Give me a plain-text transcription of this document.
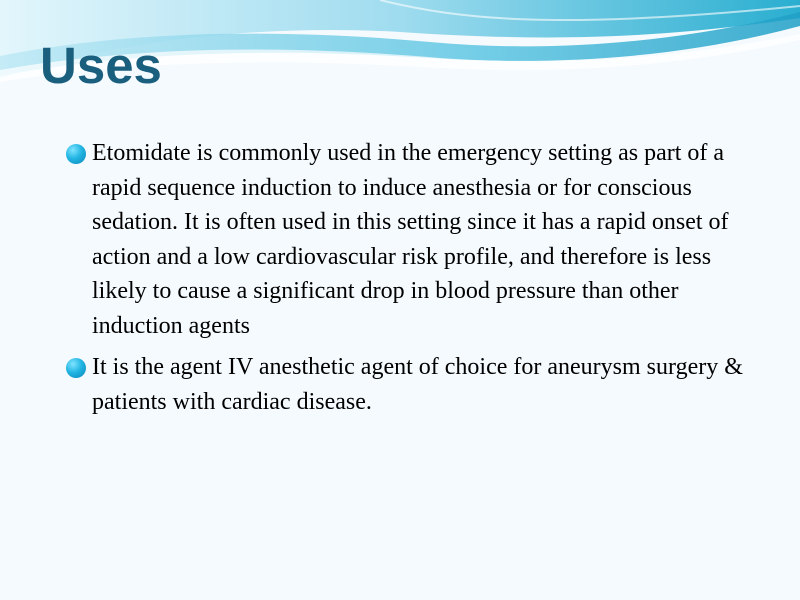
Uses
Etomidate is commonly used in the emergency setting as part of a rapid sequence induction to induce anesthesia or for conscious sedation. It is often used in this setting since it has a rapid onset of action and a low cardiovascular risk profile, and therefore is less likely to cause a significant drop in blood pressure than other induction agents
It is the agent IV anesthetic agent of choice for aneurysm surgery & patients with cardiac disease.
